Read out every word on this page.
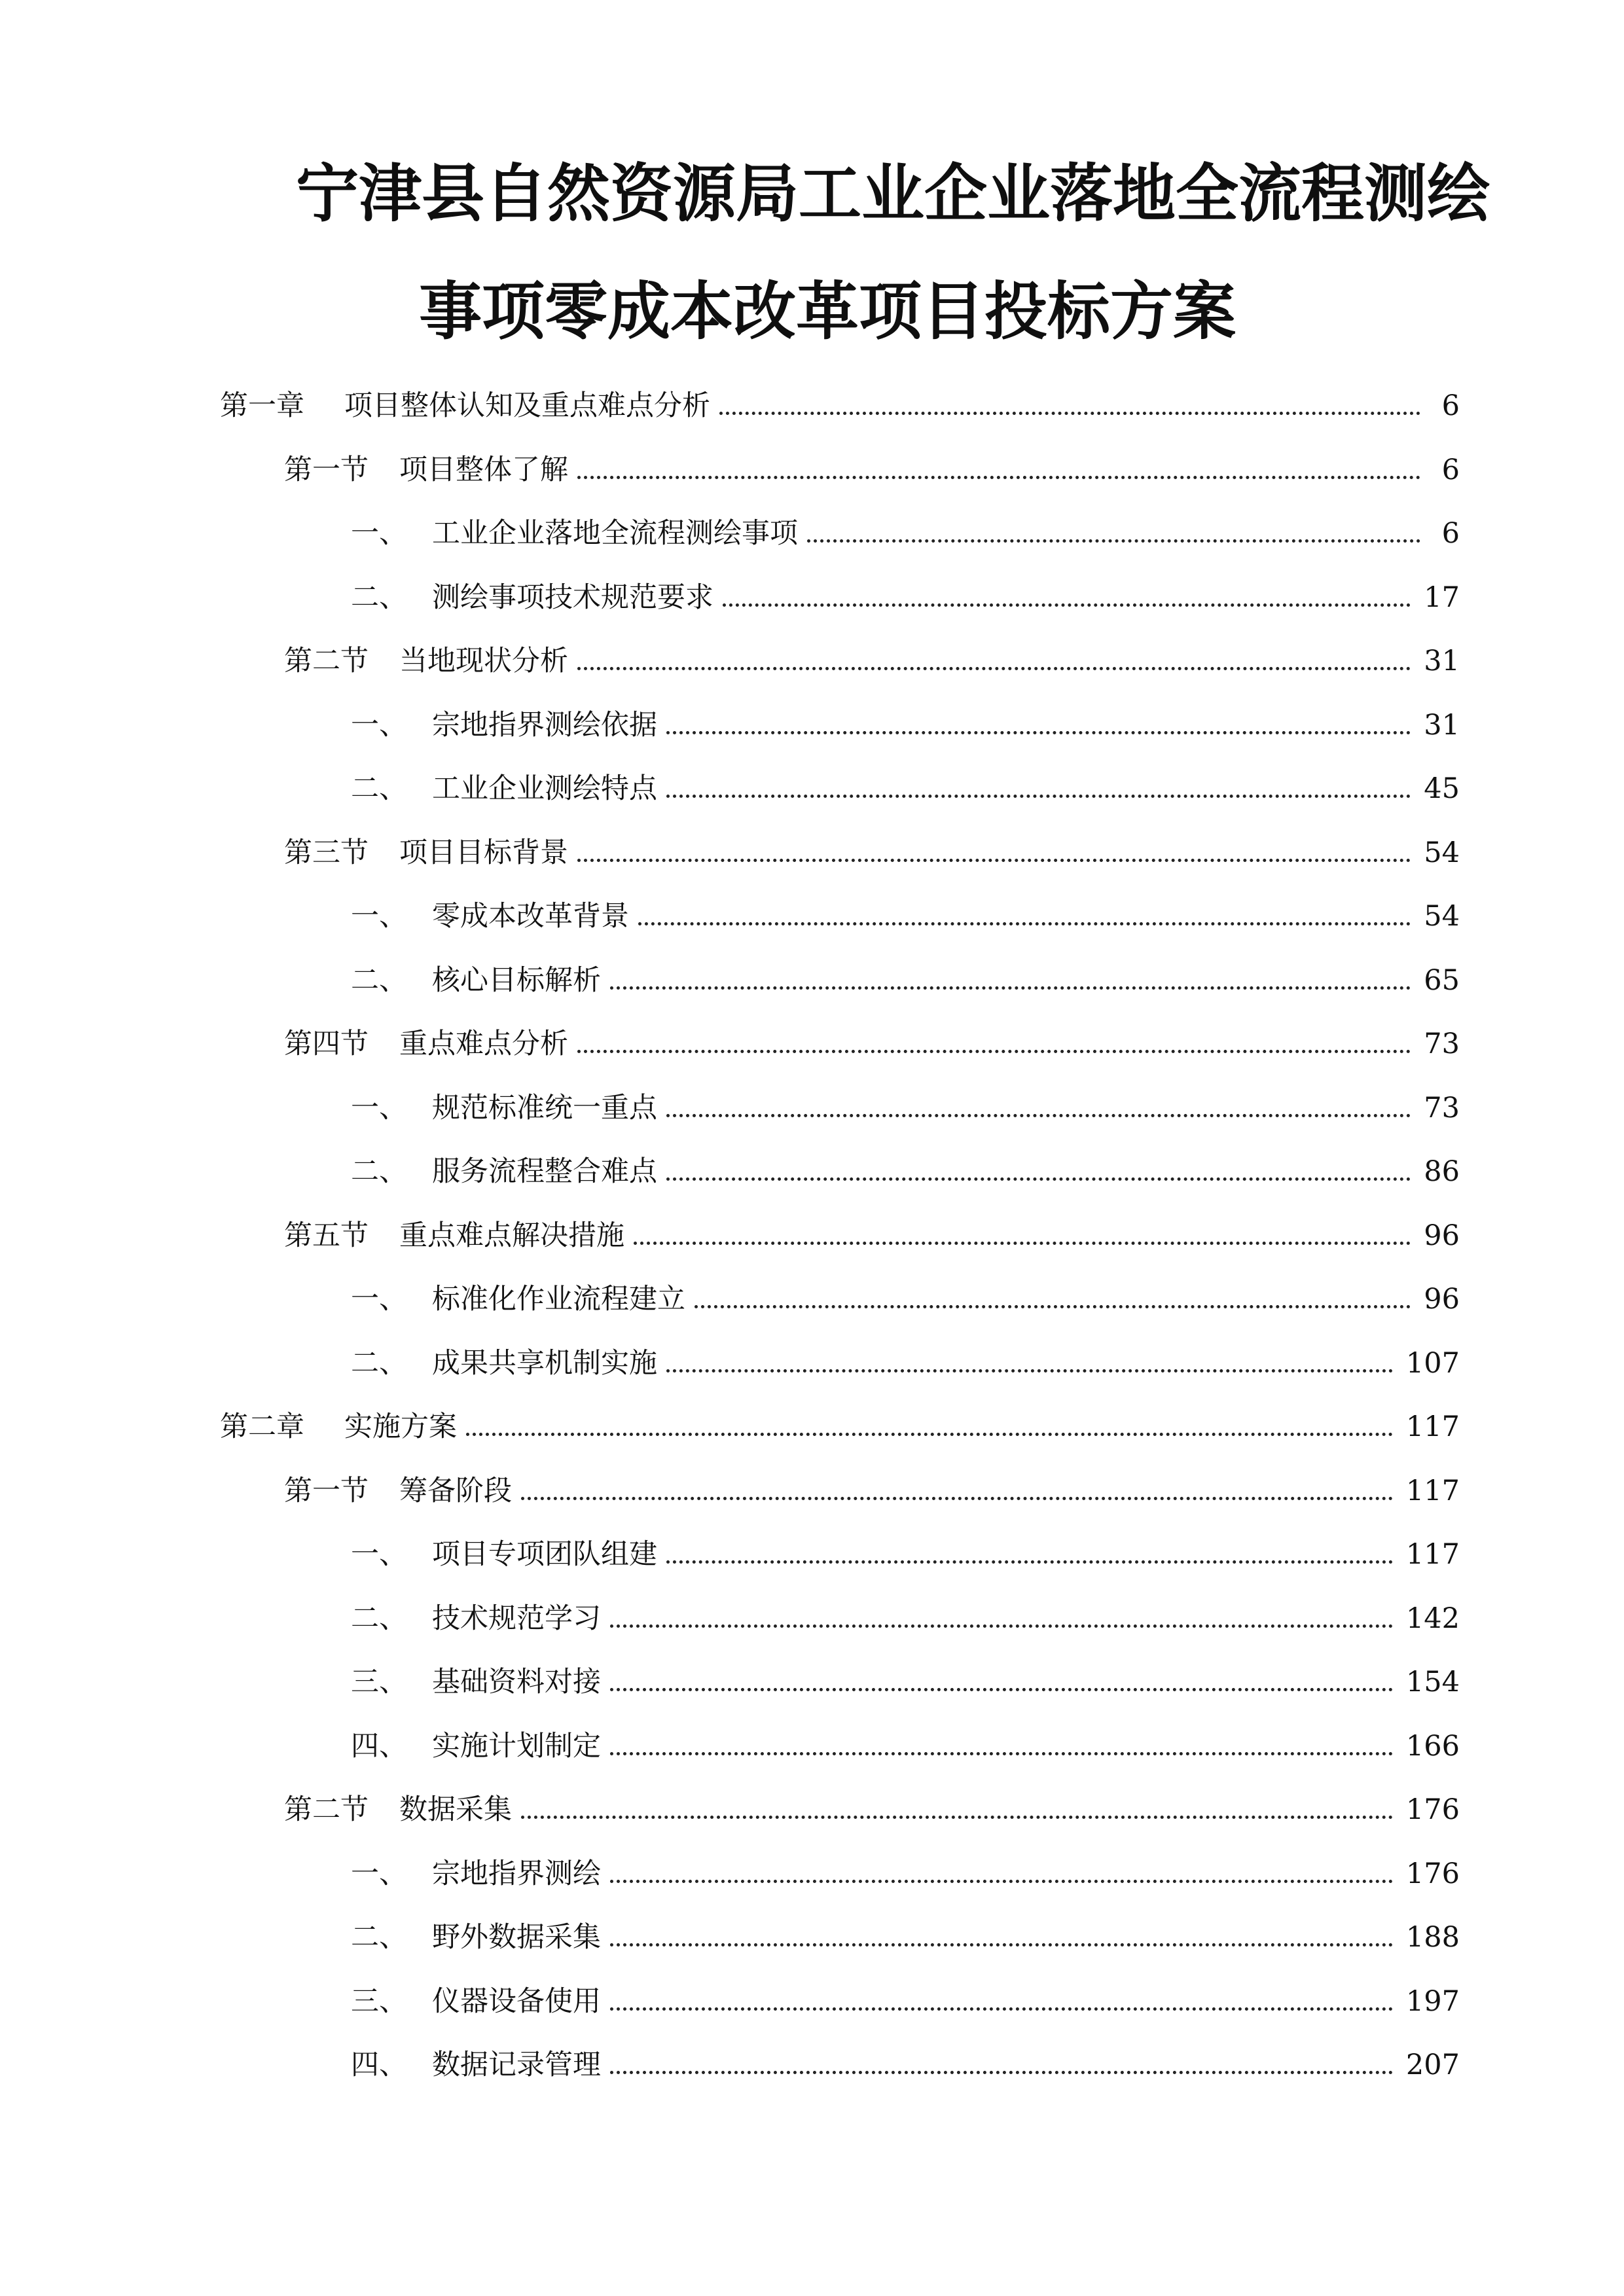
宁津县自然资源局工业企业落地全流程测绘
事项零成本改革项目投标方案
第一章	项目整体认知及重点难点分析	6
第一节	项目整体了解	6
一、 工业企业落地全流程测绘事项	6
二、 测绘事项技术规范要求	17
第二节	当地现状分析	31
一、 宗地指界测绘依据	31
二、 工业企业测绘特点	45
第三节	项目目标背景	54
一、 零成本改革背景	54
二、 核心目标解析	65
第四节	重点难点分析	73
一、 规范标准统一重点	73
二、 服务流程整合难点	86
第五节	重点难点解决措施	96
一、 标准化作业流程建立	96
二、 成果共享机制实施	107
第二章	实施方案	117
第一节	筹备阶段	117
一、 项目专项团队组建	117
二、 技术规范学习	142
三、 基础资料对接	154
四、 实施计划制定	166
第二节	数据采集	176
一、 宗地指界测绘	176
二、 野外数据采集	188
三、 仪器设备使用	197
四、 数据记录管理	207
